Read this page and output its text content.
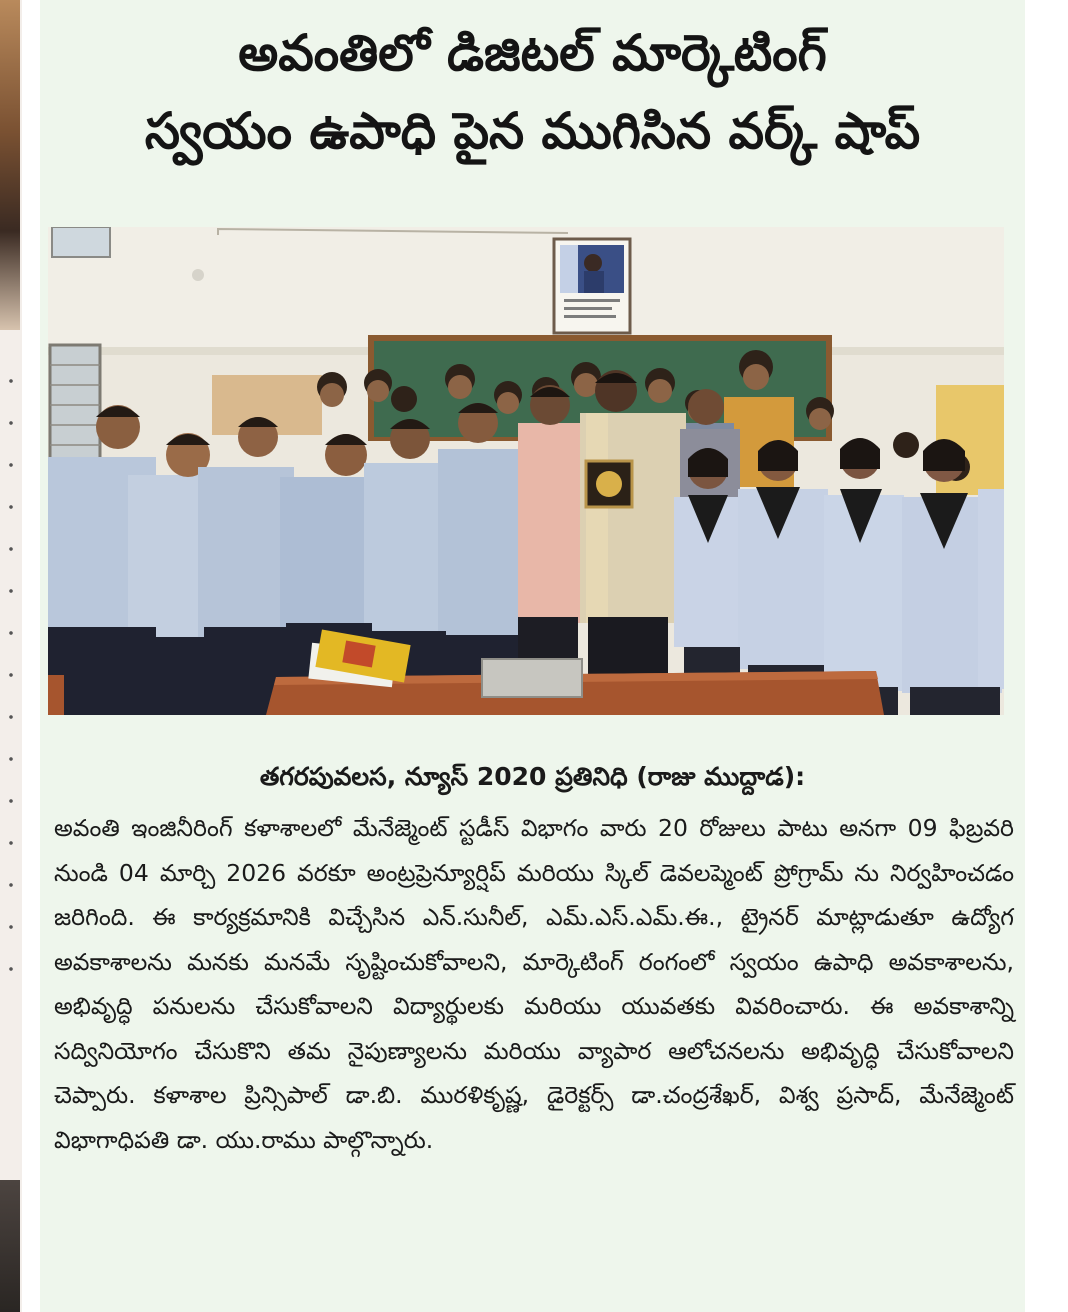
అవంతిలో డిజిటల్ మార్కెటింగ్
స్వయం ఉపాధి పైన ముగిసిన వర్క్ షాప్

తగరపువలస, న్యూస్ 2020 ప్రతినిధి (రాజు ముద్దాడ):

అవంతి ఇంజినీరింగ్ కళాశాలలో మేనేజ్మెంట్ స్టడీస్ విభాగం వారు 20 రోజులు పాటు అనగా 09 ఫిబ్రవరి నుండి 04 మార్చి 2026 వరకూ అంట్రప్రెన్యూర్షిప్ మరియు స్కిల్ డెవలప్మెంట్ ప్రోగ్రామ్ ను నిర్వహించడం జరిగింది. ఈ కార్యక్రమానికి విచ్చేసిన ఎన్.సునీల్, ఎమ్.ఎస్.ఎమ్.ఈ., ట్రైనర్ మాట్లాడుతూ ఉద్యోగ అవకాశాలను మనకు మనమే సృష్టించుకోవాలని, మార్కెటింగ్ రంగంలో స్వయం ఉపాధి అవకాశాలను, అభివృద్ధి పనులను చేసుకోవాలని విద్యార్థులకు మరియు యువతకు వివరించారు. ఈ అవకాశాన్ని సద్వినియోగం చేసుకొని తమ నైపుణ్యాలను మరియు వ్యాపార ఆలోచనలను అభివృద్ధి చేసుకోవాలని చెప్పారు. కళాశాల ప్రిన్సిపాల్ డా.బి. మురళికృష్ణ, డైరెక్టర్స్ డా.చంద్రశేఖర్, విశ్వ ప్రసాద్, మేనేజ్మెంట్ విభాగాధిపతి డా. యు.రాము పాల్గొన్నారు.
